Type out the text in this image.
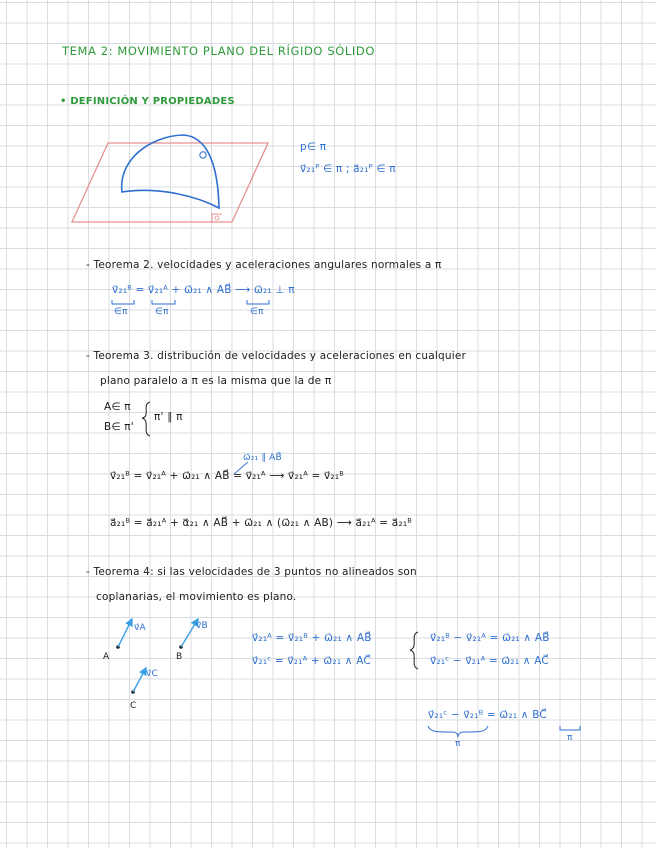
TEMA 2: MOVIMIENTO PLANO DEL RÍGIDO SÓLIDO
• DEFINICIÓN Y PROPIEDADES
p∈ π
v⃗₂₁ᴾ ∈ π ; a⃗₂₁ᴾ ∈ π
- Teorema 2. velocidades y aceleraciones angulares normales a π
v⃗₂₁ᴮ = v⃗₂₁ᴬ + ω⃗₂₁ ∧ AB⃗ ⟶ ω⃗₂₁ ⊥ π
∈π	∈π	∈π
- Teorema 3. distribución de velocidades y aceleraciones en cualquier
plano paralelo a π es la misma que la de π
A∈ π
B∈ π'
π' ∥ π
ω⃗₂₁ ∥ AB⃗
v⃗₂₁ᴮ = v⃗₂₁ᴬ + ω⃗₂₁ ∧ AB⃗ = v⃗₂₁ᴬ ⟶ v⃗₂₁ᴬ = v⃗₂₁ᴮ
a⃗₂₁ᴮ = a⃗₂₁ᴬ + α⃗₂₁ ∧ AB⃗ + ω⃗₂₁ ∧ (ω⃗₂₁ ∧ AB) ⟶ a⃗₂₁ᴬ = a⃗₂₁ᴮ
- Teorema 4: si las velocidades de 3 puntos no alineados son
coplanarias, el movimiento es plano.
A	B
C
v⃗A	v⃗B
v⃗C
v⃗₂₁ᴬ = v⃗₂₁ᴮ + ω⃗₂₁ ∧ AB⃗
v⃗₂₁ᶜ = v⃗₂₁ᴬ + ω⃗₂₁ ∧ AC⃗
v⃗₂₁ᴮ − v⃗₂₁ᴬ = ω⃗₂₁ ∧ AB⃗
v⃗₂₁ᶜ − v⃗₂₁ᴬ = ω⃗₂₁ ∧ AC⃗
v⃗₂₁ᶜ − v⃗₂₁ᴮ = ω⃗₂₁ ∧ BC⃗
π
π
